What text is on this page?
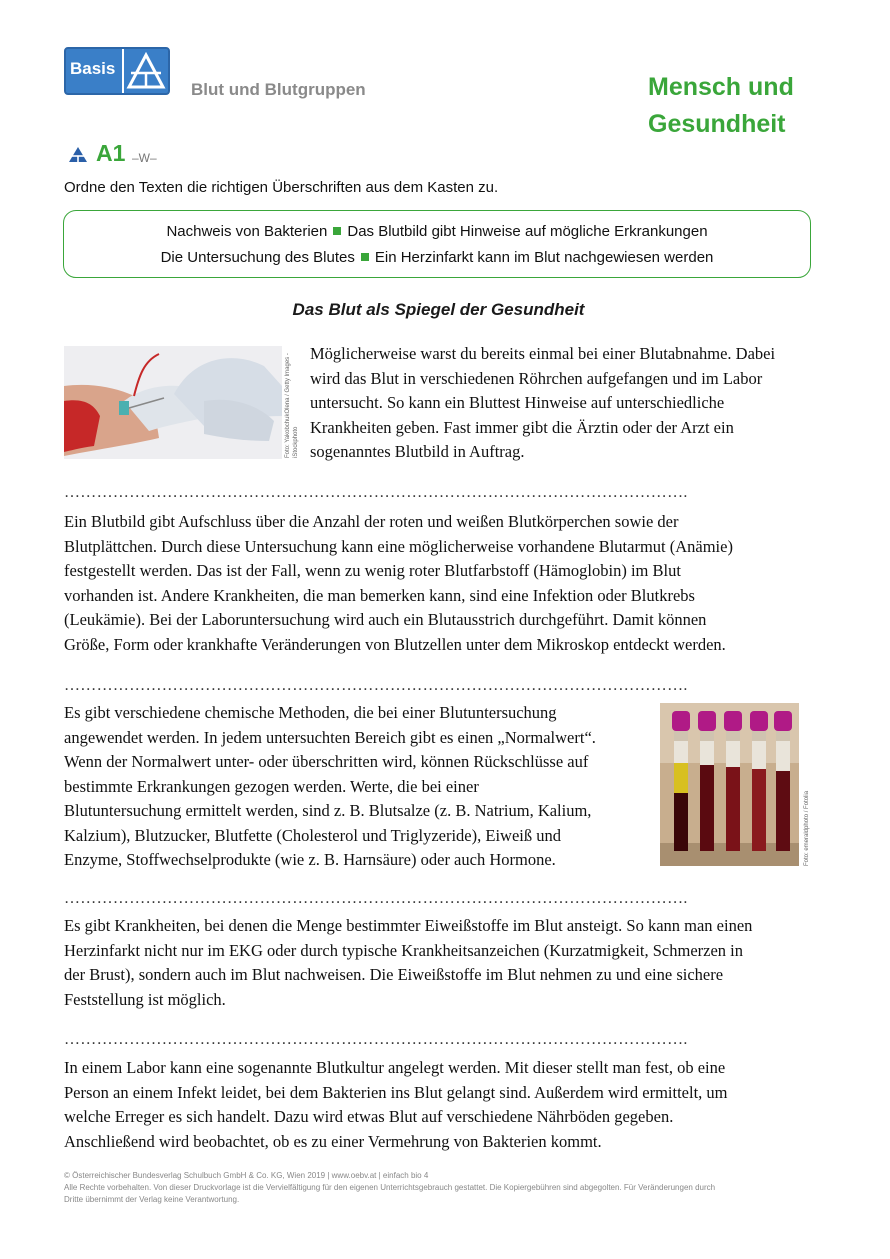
Basis
Blut und Blutgruppen	Mensch und
Gesundheit
A1 –W–
Ordne den Texten die richtigen Überschriften aus dem Kasten zu.
Nachweis von Bakterien Das Blutbild gibt Hinweise auf mögliche Erkrankungen
Die Untersuchung des Blutes Ein Herzinfarkt kann im Blut nachgewiesen werden
Das Blut als Spiegel der Gesundheit
Foto: YakobchukOlena / Getty Images - iStockphoto
Möglicherweise warst du bereits einmal bei einer Blutabnahme. Dabei
wird das Blut in verschiedenen Röhrchen aufgefangen und im Labor
untersucht. So kann ein Bluttest Hinweise auf unterschiedliche
Krankheiten geben. Fast immer gibt die Ärztin oder der Arzt ein
sogenanntes Blutbild in Auftrag.
…………………………………………………………………………………………………….
Ein Blutbild gibt Aufschluss über die Anzahl der roten und weißen Blutkörperchen sowie der
Blutplättchen. Durch diese Untersuchung kann eine möglicherweise vorhandene Blutarmut (Anämie)
festgestellt werden. Das ist der Fall, wenn zu wenig roter Blutfarbstoff (Hämoglobin) im Blut
vorhanden ist. Andere Krankheiten, die man bemerken kann, sind eine Infektion oder Blutkrebs
(Leukämie). Bei der Laboruntersuchung wird auch ein Blutausstrich durchgeführt. Damit können
Größe, Form oder krankhafte Veränderungen von Blutzellen unter dem Mikroskop entdeckt werden.
…………………………………………………………………………………………………….
Es gibt verschiedene chemische Methoden, die bei einer Blutuntersuchung
angewendet werden. In jedem untersuchten Bereich gibt es einen „Normalwert“.
Wenn der Normalwert unter- oder überschritten wird, können Rückschlüsse auf
bestimmte Erkrankungen gezogen werden. Werte, die bei einer
Blutuntersuchung ermittelt werden, sind z. B. Blutsalze (z. B. Natrium, Kalium,
Kalzium), Blutzucker, Blutfette (Cholesterol und Triglyzeride), Eiweiß und
Enzyme, Stoffwechselprodukte (wie z. B. Harnsäure) oder auch Hormone.	Foto: emeraldphoto / Fotolia
…………………………………………………………………………………………………….
Es gibt Krankheiten, bei denen die Menge bestimmter Eiweißstoffe im Blut ansteigt. So kann man einen
Herzinfarkt nicht nur im EKG oder durch typische Krankheitsanzeichen (Kurzatmigkeit, Schmerzen in
der Brust), sondern auch im Blut nachweisen. Die Eiweißstoffe im Blut nehmen zu und eine sichere
Feststellung ist möglich.
…………………………………………………………………………………………………….
In einem Labor kann eine sogenannte Blutkultur angelegt werden. Mit dieser stellt man fest, ob eine
Person an einem Infekt leidet, bei dem Bakterien ins Blut gelangt sind. Außerdem wird ermittelt, um
welche Erreger es sich handelt. Dazu wird etwas Blut auf verschiedene Nährböden gegeben.
Anschließend wird beobachtet, ob es zu einer Vermehrung von Bakterien kommt.
© Österreichischer Bundesverlag Schulbuch GmbH & Co. KG, Wien 2019 | www.oebv.at | einfach bio 4
Alle Rechte vorbehalten. Von dieser Druckvorlage ist die Vervielfältigung für den eigenen Unterrichtsgebrauch gestattet. Die Kopiergebühren sind abgegolten. Für Veränderungen durch
Dritte übernimmt der Verlag keine Verantwortung.
